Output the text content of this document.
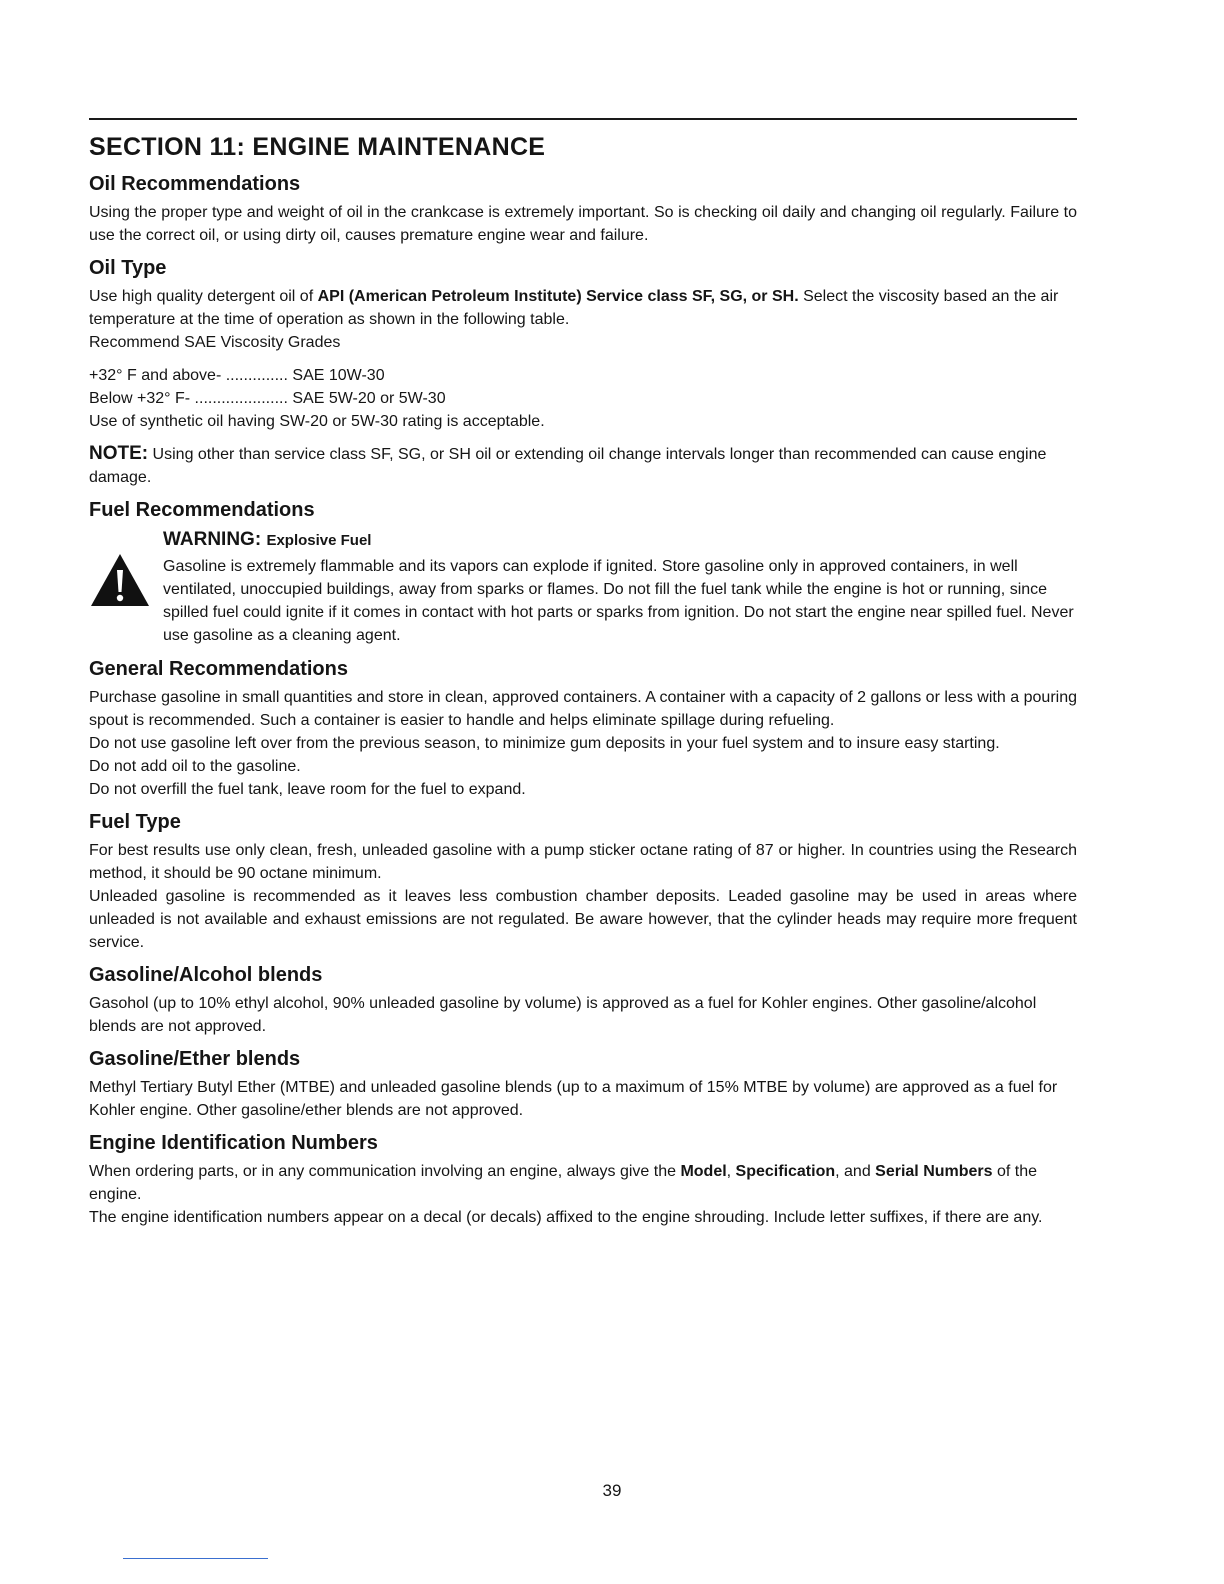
SECTION 11: ENGINE MAINTENANCE
Oil Recommendations

Using the proper type and weight of oil in the crankcase is extremely important. So is checking oil daily and changing oil regularly. Failure to use the correct oil, or using dirty oil, causes premature engine wear and failure.

Oil Type

Use high quality detergent oil of API (American Petroleum Institute) Service class SF, SG, or SH. Select the viscosity based an the air temperature at the time of operation as shown in the following table.

Recommend SAE Viscosity Grades

+32° F and above- .............. SAE 10W-30

Below +32° F- ..................... SAE 5W-20 or 5W-30

Use of synthetic oil having SW-20 or 5W-30 rating is acceptable.

NOTE: Using other than service class SF, SG, or SH oil or extending oil change intervals longer than recommended can cause engine damage.

Fuel Recommendations

WARNING: Explosive Fuel

Gasoline is extremely flammable and its vapors can explode if ignited. Store gasoline only in approved containers, in well ventilated, unoccupied buildings, away from sparks or flames. Do not fill the fuel tank while the engine is hot or running, since spilled fuel could ignite if it comes in contact with hot parts or sparks from ignition. Do not start the engine near spilled fuel. Never use gasoline as a cleaning agent.

General Recommendations

Purchase gasoline in small quantities and store in clean, approved containers. A container with a capacity of 2 gallons or less with a pouring spout is recommended. Such a container is easier to handle and helps eliminate spillage during refueling.

Do not use gasoline left over from the previous season, to minimize gum deposits in your fuel system and to insure easy starting.

Do not add oil to the gasoline.

Do not overfill the fuel tank, leave room for the fuel to expand.

Fuel Type

For best results use only clean, fresh, unleaded gasoline with a pump sticker octane rating of 87 or higher. In countries using the Research method, it should be 90 octane minimum.

Unleaded gasoline is recommended as it leaves less combustion chamber deposits. Leaded gasoline may be used in areas where unleaded is not available and exhaust emissions are not regulated. Be aware however, that the cylinder heads may require more frequent service.

Gasoline/Alcohol blends

Gasohol (up to 10% ethyl alcohol, 90% unleaded gasoline by volume) is approved as a fuel for Kohler engines. Other gasoline/alcohol blends are not approved.

Gasoline/Ether blends

Methyl Tertiary Butyl Ether (MTBE) and unleaded gasoline blends (up to a maximum of 15% MTBE by volume) are approved as a fuel for Kohler engine. Other gasoline/ether blends are not approved.

Engine Identification Numbers

When ordering parts, or in any communication involving an engine, always give the Model, Specification, and Serial Numbers of the engine.

The engine identification numbers appear on a decal (or decals) affixed to the engine shrouding. Include letter suffixes, if there are any.

39
